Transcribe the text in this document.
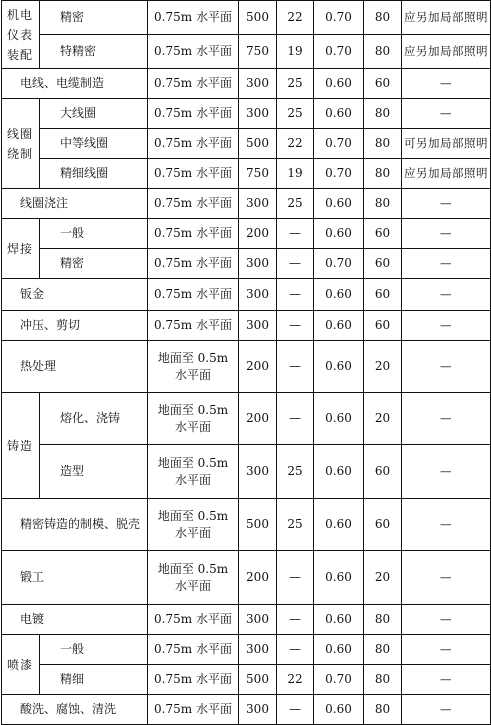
机电仪表装配	精密	0.75m 水平面	500	22	0.70	80	应另加局部照明
	特精密	0.75m 水平面	750	19	0.70	80	应另加局部照明
电线、电缆制造		0.75m 水平面	300	25	0.60	60	—
线圈绕制	大线圈	0.75m 水平面	300	25	0.60	80	—
	中等线圈	0.75m 水平面	500	22	0.70	80	可另加局部照明
	精细线圈	0.75m 水平面	750	19	0.70	80	应另加局部照明
线圈浇注		0.75m 水平面	300	25	0.60	80	—
焊接	一般	0.75m 水平面	200	—	0.60	60	—
	精密	0.75m 水平面	300	—	0.70	60	—
钣金		0.75m 水平面	300	—	0.60	60	—
冲压、剪切		0.75m 水平面	300	—	0.60	60	—
热处理		地面至 0.5m 水平面	200	—	0.60	20	—
铸造	熔化、浇铸	地面至 0.5m 水平面	200	—	0.60	20	—
	造型	地面至 0.5m 水平面	300	25	0.60	60	—
精密铸造的制模、脱壳		地面至 0.5m 水平面	500	25	0.60	60	—
锻工		地面至 0.5m 水平面	200	—	0.60	20	—
电镀		0.75m 水平面	300	—	0.60	80	—
喷漆	一般	0.75m 水平面	300	—	0.60	80	—
	精细	0.75m 水平面	500	22	0.70	80	—
酸洗、腐蚀、清洗		0.75m 水平面	300	—	0.60	80	—
